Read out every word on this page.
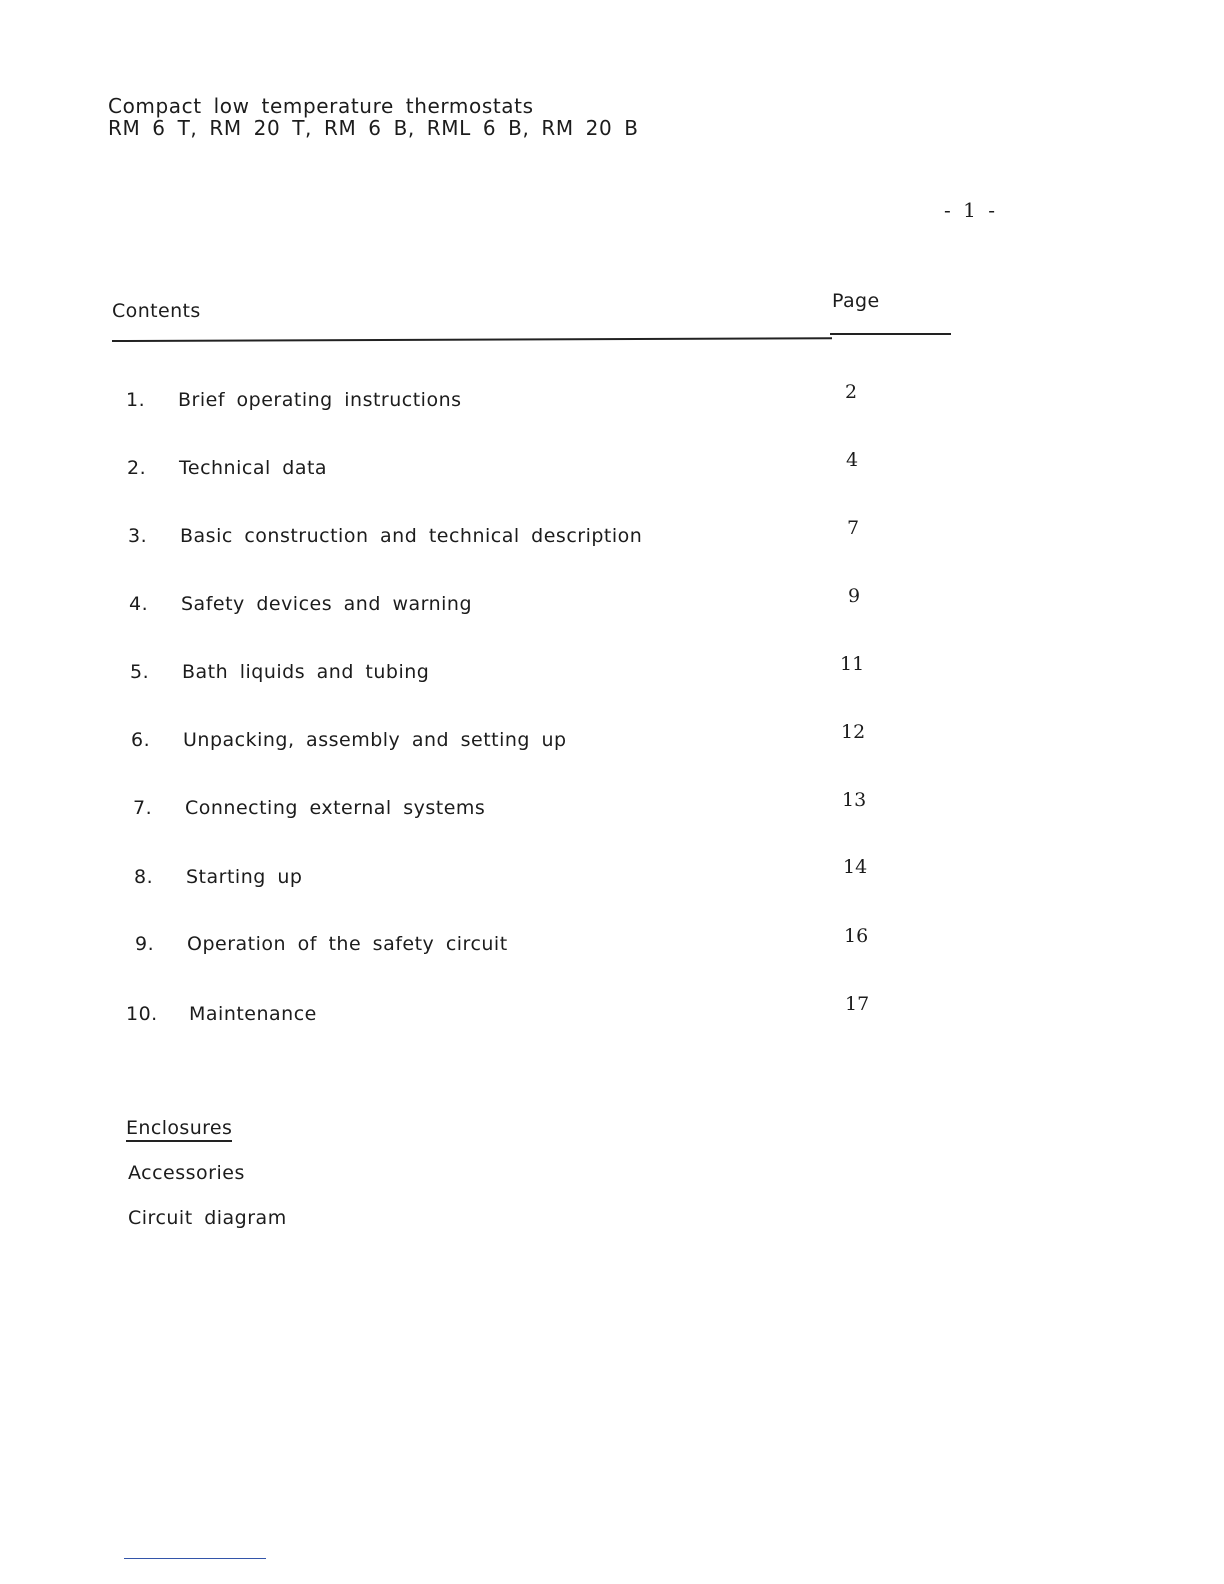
Compact low temperature thermostats
RM 6 T, RM 20 T, RM 6 B, RML 6 B, RM 20 B
- 1 -
Contents	Page
1. Brief operating instructions	2
2. Technical data	4
3. Basic construction and technical description	7
4. Safety devices and warning	9
5. Bath liquids and tubing	11
6. Unpacking, assembly and setting up	12
7. Connecting external systems	13
8. Starting up	14
9. Operation of the safety circuit	16
10. Maintenance	17
Enclosures
Accessories
Circuit diagram
